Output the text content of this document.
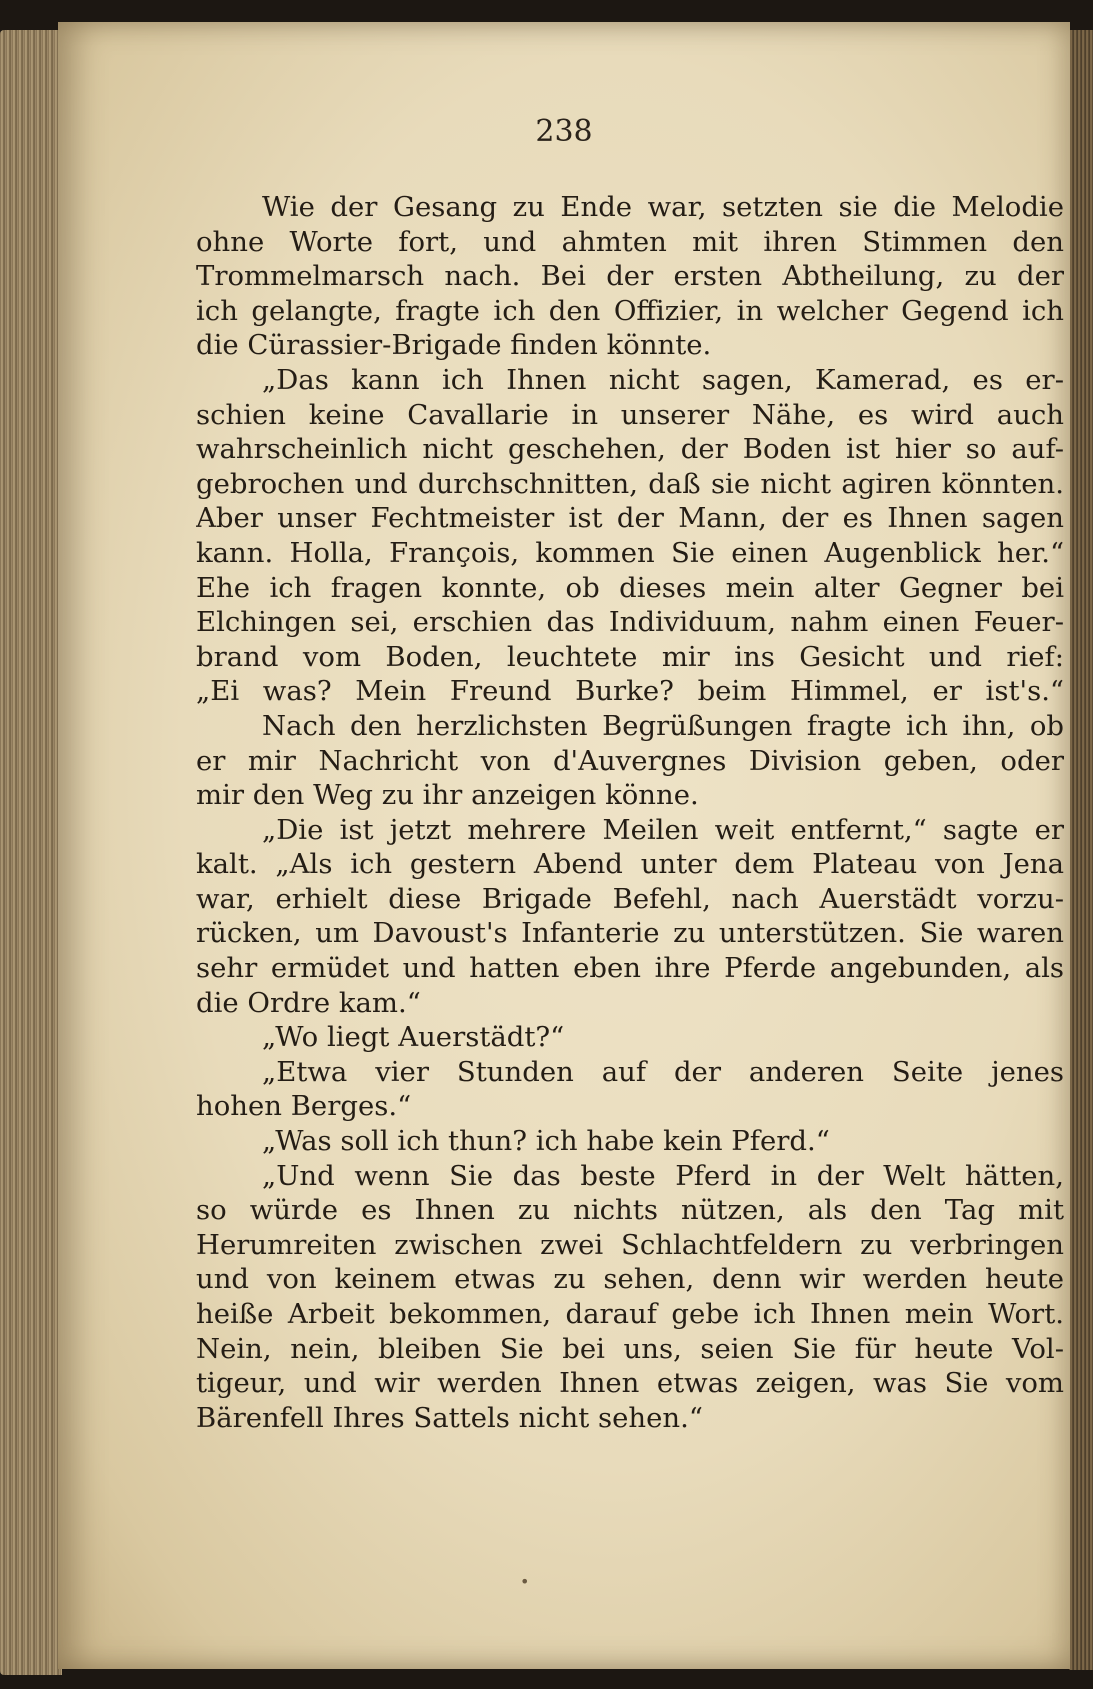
238
Wie der Gesang zu Ende war, setzten sie die Melodie
ohne Worte fort, und ahmten mit ihren Stimmen den
Trommelmarsch nach. Bei der ersten Abtheilung, zu der
ich gelangte, fragte ich den Offizier, in welcher Gegend ich
die Cürassier-Brigade finden könnte.
„Das kann ich Ihnen nicht sagen, Kamerad, es er-
schien keine Cavallarie in unserer Nähe, es wird auch
wahrscheinlich nicht geschehen, der Boden ist hier so auf-
gebrochen und durchschnitten, daß sie nicht agiren könnten.
Aber unser Fechtmeister ist der Mann, der es Ihnen sagen
kann. Holla, François, kommen Sie einen Augenblick her.“
Ehe ich fragen konnte, ob dieses mein alter Gegner bei
Elchingen sei, erschien das Individuum, nahm einen Feuer-
brand vom Boden, leuchtete mir ins Gesicht und rief:
„Ei was? Mein Freund Burke? beim Himmel, er ist's.“
Nach den herzlichsten Begrüßungen fragte ich ihn, ob
er mir Nachricht von d'Auvergnes Division geben, oder
mir den Weg zu ihr anzeigen könne.
„Die ist jetzt mehrere Meilen weit entfernt,“ sagte er
kalt. „Als ich gestern Abend unter dem Plateau von Jena
war, erhielt diese Brigade Befehl, nach Auerstädt vorzu-
rücken, um Davoust's Infanterie zu unterstützen. Sie waren
sehr ermüdet und hatten eben ihre Pferde angebunden, als
die Ordre kam.“
„Wo liegt Auerstädt?“
„Etwa vier Stunden auf der anderen Seite jenes
hohen Berges.“
„Was soll ich thun? ich habe kein Pferd.“
„Und wenn Sie das beste Pferd in der Welt hätten,
so würde es Ihnen zu nichts nützen, als den Tag mit
Herumreiten zwischen zwei Schlachtfeldern zu verbringen
und von keinem etwas zu sehen, denn wir werden heute
heiße Arbeit bekommen, darauf gebe ich Ihnen mein Wort.
Nein, nein, bleiben Sie bei uns, seien Sie für heute Vol-
tigeur, und wir werden Ihnen etwas zeigen, was Sie vom
Bärenfell Ihres Sattels nicht sehen.“
•
